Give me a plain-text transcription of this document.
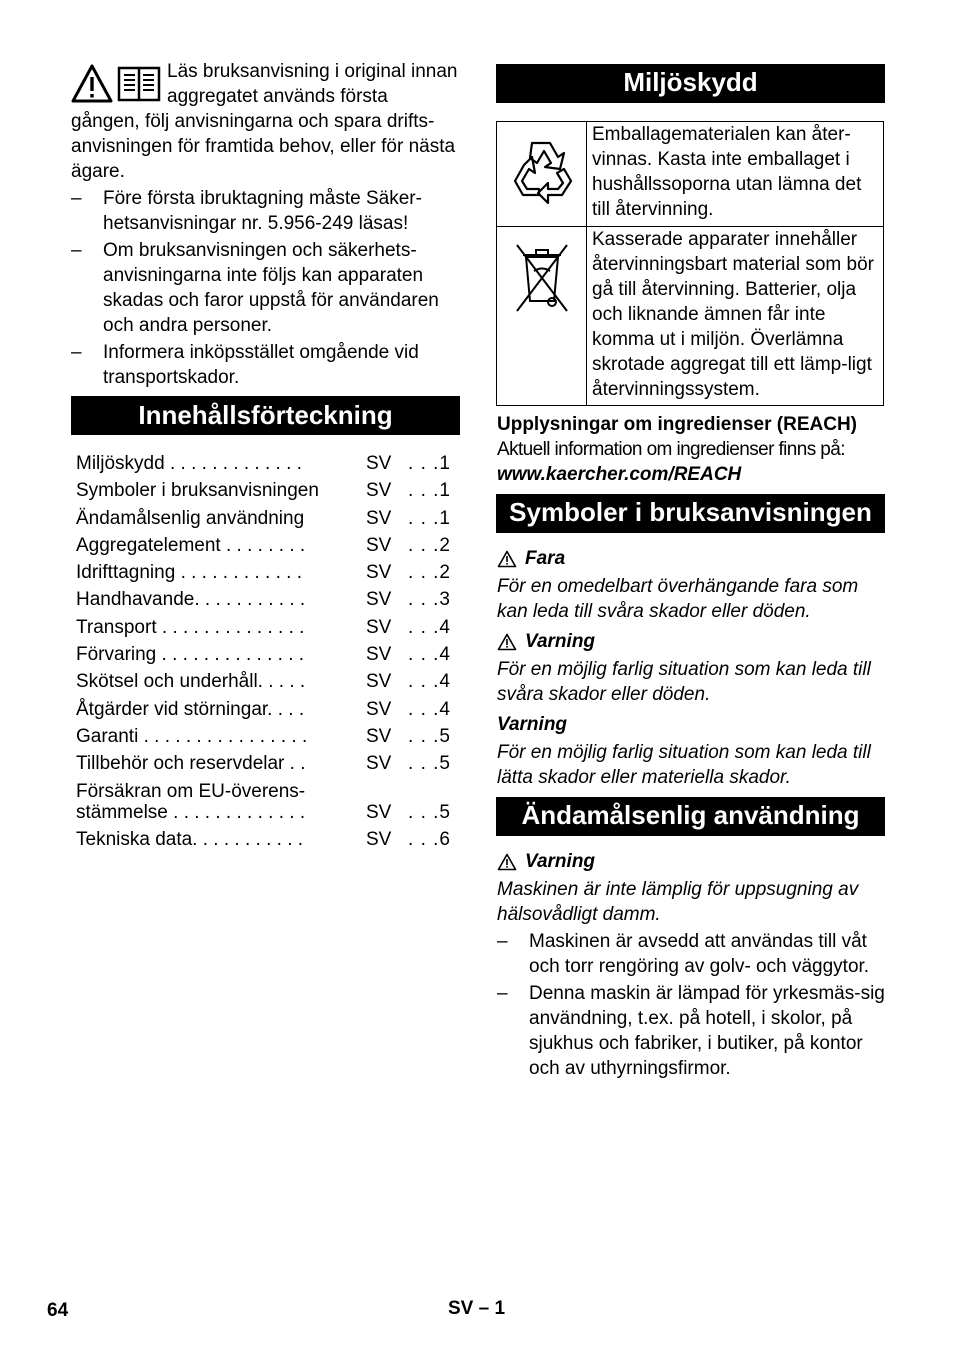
Läs bruksanvisning i original innan aggregatet används första gången, följ anvisningarna och spara drifts-anvisningen för framtida behov, eller för nästa ägare.

– Före första ibruktagning måste Säker-hetsanvisningar nr. 5.956-249 läsas!
– Om bruksanvisningen och säkerhets-anvisningarna inte följs kan apparaten skadas och faror uppstå för användaren och andra personer.
– Informera inköpsstället omgående vid transportskador.
Innehållsförteckning
Miljöskydd . . . . . . . . . . . . .	SV . . .1
Symboler i bruksanvisningen SV . . .1
Ändamålsenlig användning	SV . . .1
Aggregatelement . . . . . . . .	SV . . .2
Idrifttagning . . . . . . . . . . . .	SV . . .2
Handhavande. . . . . . . . . . .	SV . . .3
Transport . . . . . . . . . . . . . .	SV . . .4
Förvaring . . . . . . . . . . . . . .	SV . . .4
Skötsel och underhåll. . . . .	SV . . .4
Åtgärder vid störningar. . . .	SV . . .4
Garanti . . . . . . . . . . . . . . . .	SV . . .5
Tillbehör och reservdelar . .	SV . . .5
Försäkran om EU-överens-
stämmelse . . . . . . . . . . . . .	SV . . .5
Tekniska data. . . . . . . . . . .	SV . . .6
Miljöskydd
	Emballagematerialen kan åter-vinnas. Kasta inte emballaget i hushållssoporna utan lämna det till återvinning.

	Kasserade apparater innehåller återvinningsbart material som bör gå till återvinning. Batterier, olja och liknande ämnen får inte komma ut i miljön. Överlämna skrotade aggregat till ett lämp-ligt återvinningssystem.

Upplysningar om ingredienser (REACH)

Aktuell information om ingredienser finns på:

www.kaercher.com/REACH

Symboler i bruksanvisningen
Fara

För en omedelbart överhängande fara som kan leda till svåra skador eller döden.

Varning

För en möjlig farlig situation som kan leda till svåra skador eller döden.

Varning

För en möjlig farlig situation som kan leda till lätta skador eller materiella skador.

Ändamålsenlig användning
Varning

Maskinen är inte lämplig för uppsugning av hälsovådligt damm.

– Maskinen är avsedd att användas till våt och torr rengöring av golv- och väggytor.
– Denna maskin är lämpad för yrkesmäs-sig användning, t.ex. på hotell, i skolor, på sjukhus och fabriker, i butiker, på kontor och av uthyrningsfirmor.
64	SV – 1
